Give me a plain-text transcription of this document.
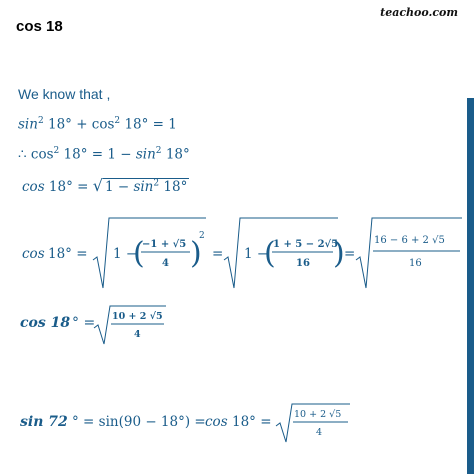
cos 18
teachoo.com
We know that ,
$\sin^2 18^\circ + \cos^2 18^\circ = 1$
∴ $\cos^2 18^\circ = 1 - \sin^2 18^\circ$
cos 18° = √ $1 - \sin^2 18^\circ$
cos 18° = 1 −
(
−1 + √5
4 )
2
= 1 −
(
1 + 5 − 2√5
16 ) =
16 − 6 + 2 √5
16
cos 18 ° = 10 + 2 √5
4
sin 72 ° = sin(90 − 18°) = cos 18° = 10 + 2 √5
4
